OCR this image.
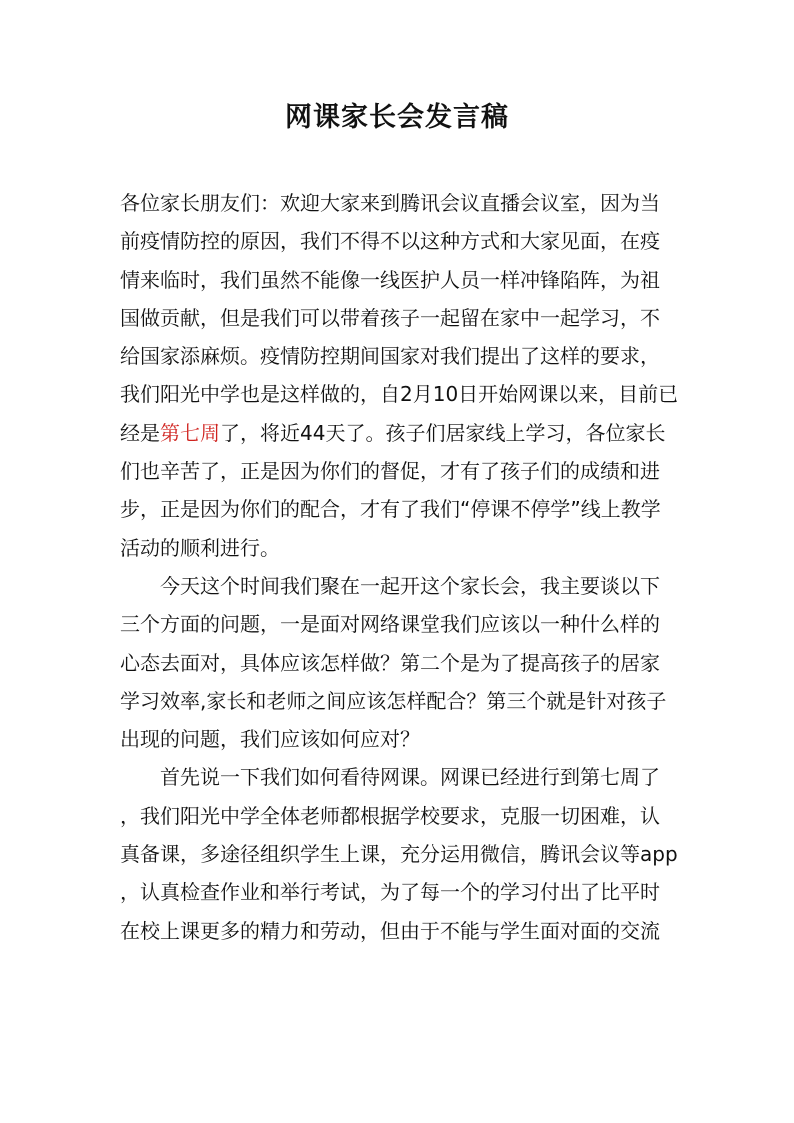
网课家长会发言稿
各位家长朋友们：欢迎大家来到腾讯会议直播会议室，因为当
前疫情防控的原因，我们不得不以这种方式和大家见面，在疫
情来临时，我们虽然不能像一线医护人员一样冲锋陷阵，为祖
国做贡献，但是我们可以带着孩子一起留在家中一起学习，不
给国家添麻烦。疫情防控期间国家对我们提出了这样的要求，
我们阳光中学也是这样做的，自2月10日开始网课以来，目前已
经是第七周了，将近44天了。孩子们居家线上学习，各位家长
们也辛苦了，正是因为你们的督促，才有了孩子们的成绩和进
步，正是因为你们的配合，才有了我们“停课不停学”线上教学
活动的顺利进行。
今天这个时间我们聚在一起开这个家长会，我主要谈以下
三个方面的问题，一是面对网络课堂我们应该以一种什么样的
心态去面对，具体应该怎样做？第二个是为了提高孩子的居家
学习效率,家长和老师之间应该怎样配合？第三个就是针对孩子
出现的问题，我们应该如何应对？
首先说一下我们如何看待网课。网课已经进行到第七周了
，我们阳光中学全体老师都根据学校要求，克服一切困难，认
真备课，多途径组织学生上课，充分运用微信，腾讯会议等app
，认真检查作业和举行考试，为了每一个的学习付出了比平时
在校上课更多的精力和劳动，但由于不能与学生面对面的交流
